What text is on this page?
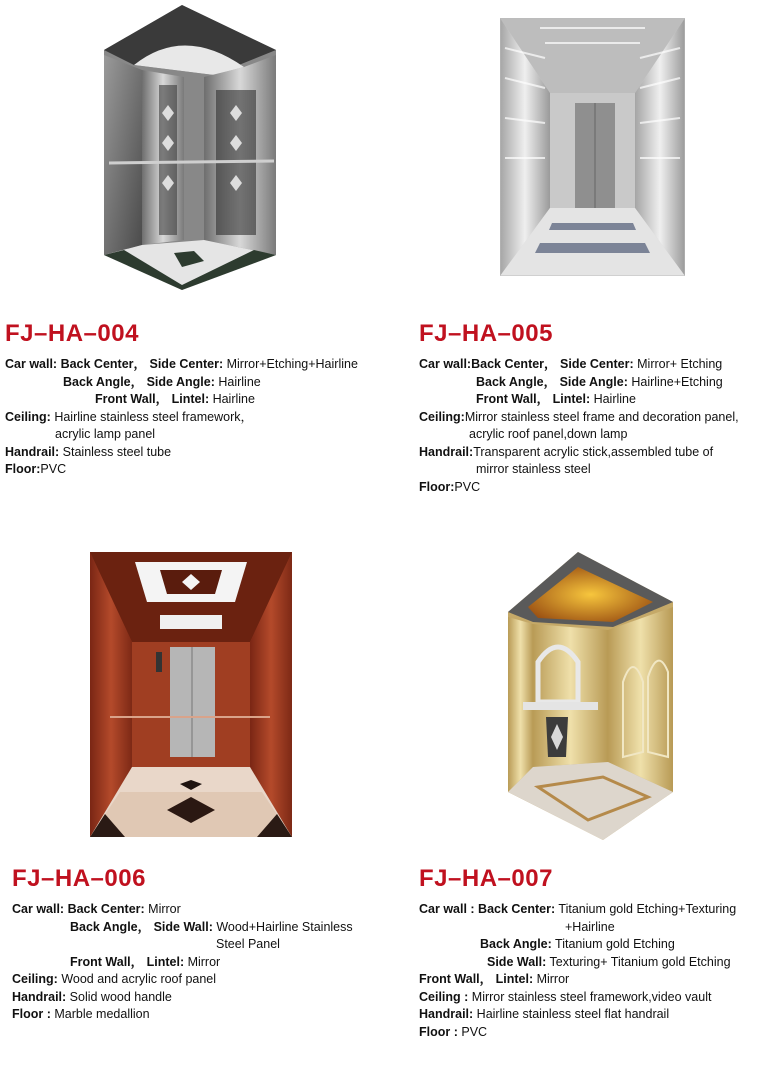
FJ–HA–004
Car wall: Back Center， Side Center: Mirror+Etching+Hairline
Back Angle， Side Angle: Hairline
Front Wall， Lintel: Hairline
Ceiling: Hairline stainless steel framework，
acrylic lamp panel
Handrail: Stainless steel tube
Floor:PVC
FJ–HA–005
Car wall:Back Center， Side Center: Mirror+ Etching
Back Angle， Side Angle: Hairline+Etching
Front Wall， Lintel: Hairline
Ceiling:Mirror stainless steel frame and decoration panel,
acrylic roof panel,down lamp
Handrail:Transparent acrylic stick,assembled tube of
mirror stainless steel
Floor:PVC
FJ–HA–006
Car wall: Back Center: Mirror
Back Angle， Side Wall: Wood+Hairline Stainless
Steel Panel
Front Wall， Lintel: Mirror
Ceiling: Wood and acrylic roof panel
Handrail: Solid wood handle
Floor : Marble medallion
FJ–HA–007
Car wall : Back Center: Titanium gold Etching+Texturing
+Hairline
Back Angle: Titanium gold Etching
Side Wall: Texturing+ Titanium gold Etching
Front Wall， Lintel: Mirror
Ceiling : Mirror stainless steel framework,video vault
Handrail: Hairline stainless steel flat handrail
Floor : PVC
